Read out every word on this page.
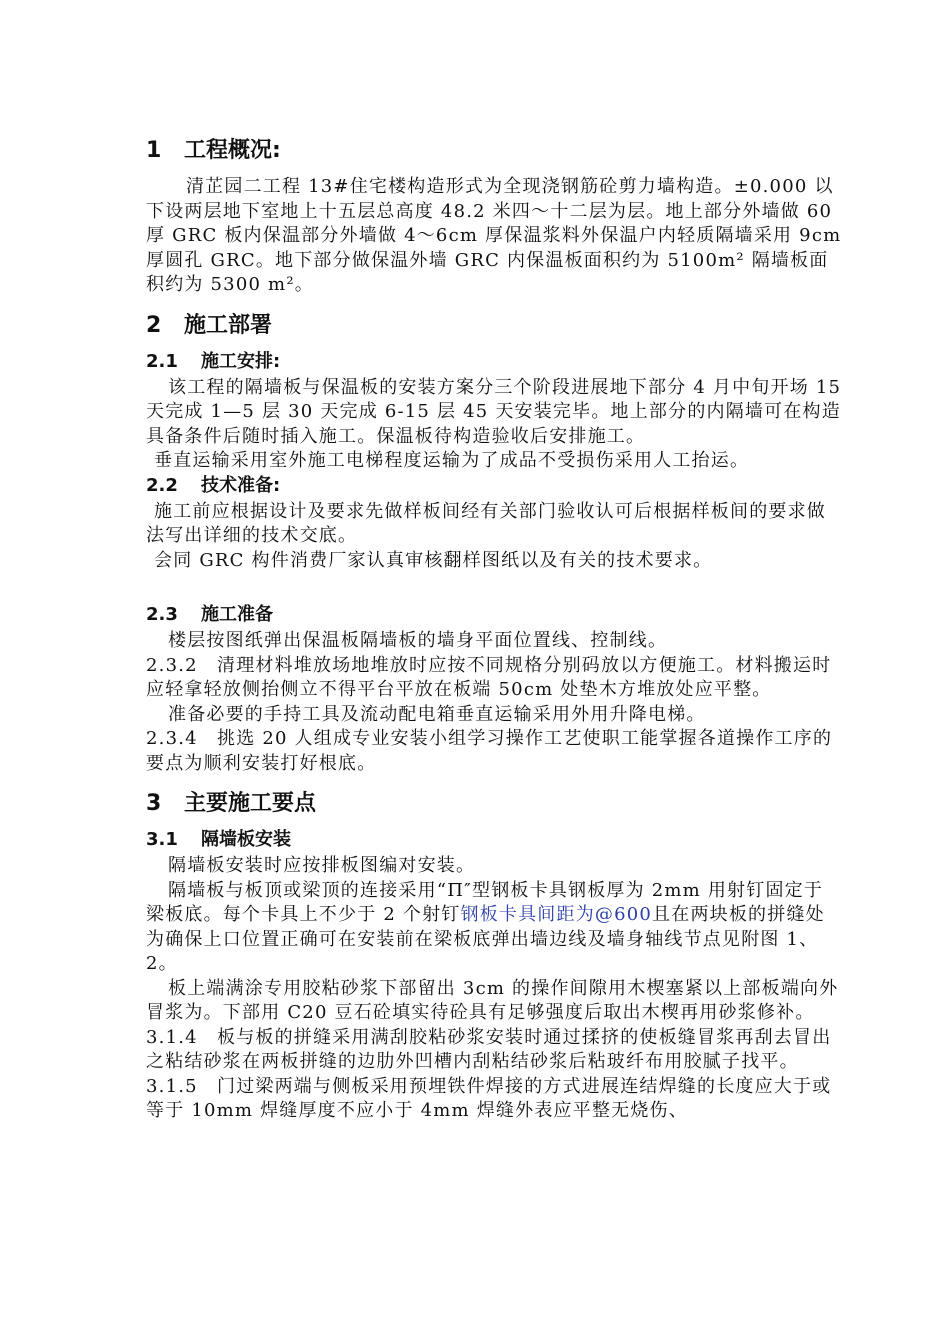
1	工程概况:

清芷园二工程 13#住宅楼构造形式为全现浇钢筋砼剪力墙构造。±0.000 以下设两层地下室地上十五层总高度 48.2 米四～十二层为层。地上部分外墙做 60 厚 GRC 板内保温部分外墙做 4～6cm 厚保温浆料外保温户内轻质隔墙采用 9cm 厚圆孔 GRC。地下部分做保温外墙 GRC 内保温板面积约为 5100m² 隔墙板面积约为 5300 m²。

2	施工部署
2.1	施工安排:

该工程的隔墙板与保温板的安装方案分三个阶段进展地下部分 4 月中旬开场 15 天完成 1—5 层 30 天完成 6-15 层 45 天安装完毕。地上部分的内隔墙可在构造具备条件后随时插入施工。保温板待构造验收后安排施工。

垂直运输采用室外施工电梯程度运输为了成品不受损伤采用人工抬运。

2.2	技术准备:

施工前应根据设计及要求先做样板间经有关部门验收认可后根据样板间的要求做法写出详细的技术交底。

会同 GRC 构件消费厂家认真审核翻样图纸以及有关的技术要求。

2.3	施工准备

楼层按图纸弹出保温板隔墙板的墙身平面位置线、控制线。

2.3.2　清理材料堆放场地堆放时应按不同规格分别码放以方便施工。材料搬运时应轻拿轻放侧抬侧立不得平台平放在板端 50cm 处垫木方堆放处应平整。

准备必要的手持工具及流动配电箱垂直运输采用外用升降电梯。

2.3.4　挑选 20 人组成专业安装小组学习操作工艺使职工能掌握各道操作工序的要点为顺利安装打好根底。

3	主要施工要点
3.1	隔墙板安装

隔墙板安装时应按排板图编对安装。

隔墙板与板顶或梁顶的连接采用“Π″型钢板卡具钢板厚为 2mm 用射钉固定于梁板底。每个卡具上不少于 2 个射钉钢板卡具间距为@600且在两块板的拼缝处为确保上口位置正确可在安装前在梁板底弹出墙边线及墙身轴线节点见附图 1、2。

板上端满涂专用胶粘砂浆下部留出 3cm 的操作间隙用木楔塞紧以上部板端向外冒浆为。下部用 C20 豆石砼填实待砼具有足够强度后取出木楔再用砂浆修补。

3.1.4　板与板的拼缝采用满刮胶粘砂浆安装时通过揉挤的使板缝冒浆再刮去冒出之粘结砂浆在两板拼缝的边肋外凹槽内刮粘结砂浆后粘玻纤布用胶腻子找平。

3.1.5　门过梁两端与侧板采用预埋铁件焊接的方式进展连结焊缝的长度应大于或等于 10mm 焊缝厚度不应小于 4mm 焊缝外表应平整无烧伤、
